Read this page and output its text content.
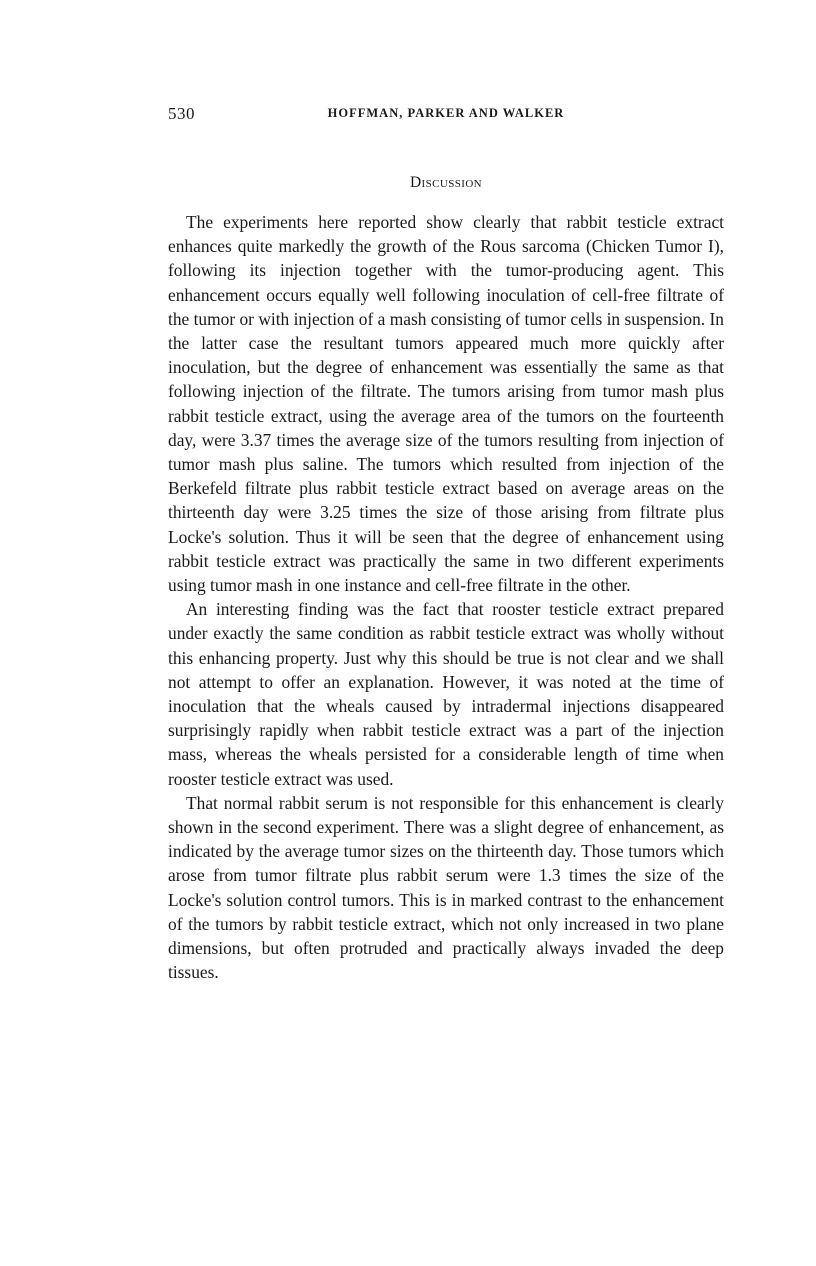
530	HOFFMAN, PARKER AND WALKER
Discussion

The experiments here reported show clearly that rabbit testicle extract enhances quite markedly the growth of the Rous sarcoma (Chicken Tumor I), following its injection together with the tumor-producing agent. This enhancement occurs equally well following inoculation of cell-free filtrate of the tumor or with injection of a mash consisting of tumor cells in suspension. In the latter case the resultant tumors appeared much more quickly after inoculation, but the degree of enhancement was essentially the same as that following injection of the filtrate. The tumors arising from tumor mash plus rabbit testicle extract, using the average area of the tumors on the fourteenth day, were 3.37 times the average size of the tumors resulting from injection of tumor mash plus saline. The tumors which resulted from injection of the Berkefeld filtrate plus rabbit testicle extract based on average areas on the thirteenth day were 3.25 times the size of those arising from filtrate plus Locke's solution. Thus it will be seen that the degree of enhancement using rabbit testicle extract was practically the same in two different experiments using tumor mash in one instance and cell-free filtrate in the other.

An interesting finding was the fact that rooster testicle extract prepared under exactly the same condition as rabbit testicle extract was wholly without this enhancing property. Just why this should be true is not clear and we shall not attempt to offer an explanation. However, it was noted at the time of inoculation that the wheals caused by intradermal injections disappeared surprisingly rapidly when rabbit testicle extract was a part of the injection mass, whereas the wheals persisted for a considerable length of time when rooster testicle extract was used.

That normal rabbit serum is not responsible for this enhancement is clearly shown in the second experiment. There was a slight degree of enhancement, as indicated by the average tumor sizes on the thirteenth day. Those tumors which arose from tumor filtrate plus rabbit serum were 1.3 times the size of the Locke's solution control tumors. This is in marked contrast to the enhancement of the tumors by rabbit testicle extract, which not only increased in two plane dimensions, but often protruded and practically always invaded the deep tissues.
